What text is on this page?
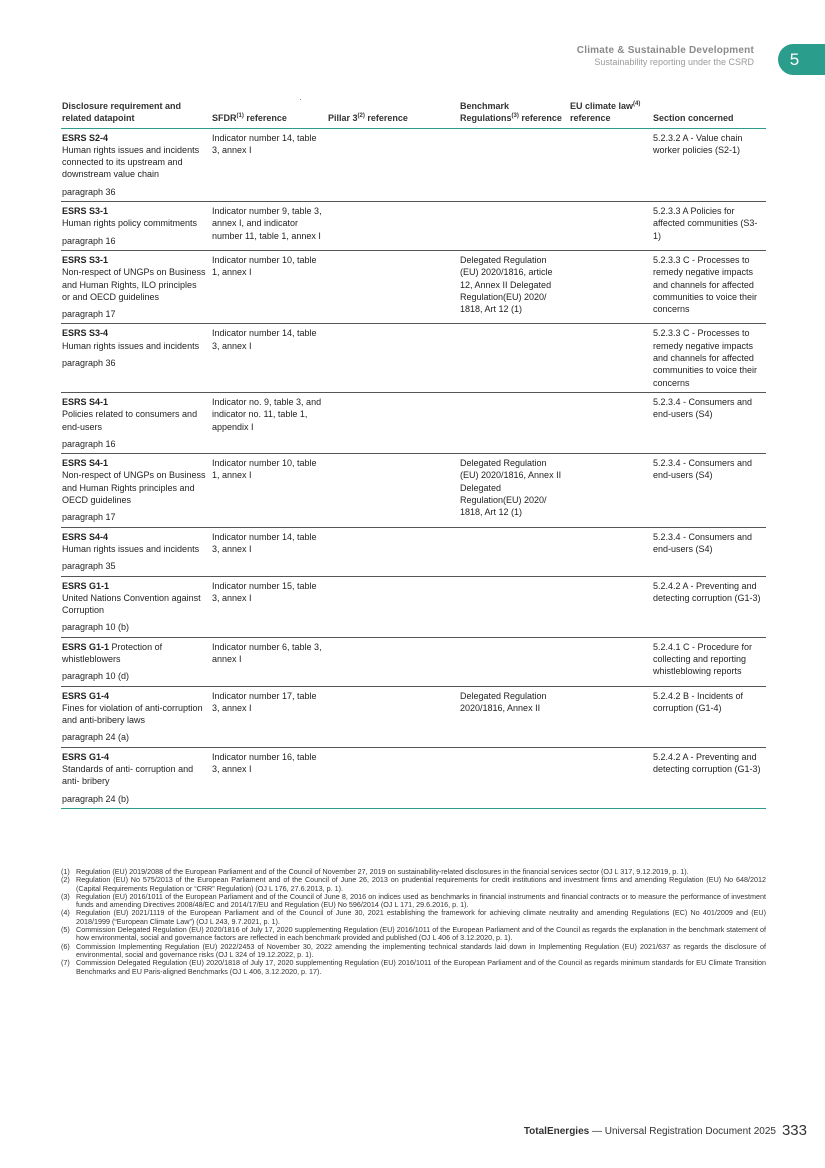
Climate & Sustainable Development
Sustainability reporting under the CSRD	5
Disclosure requirement and related datapoint	SFDR$^{(1)}$ reference	Pillar 3$^{(2)}$ reference	Benchmark Regulations$^{(3)}$ reference	EU climate law$^{(4)}$ reference	Section concerned
ESRS S2-4
Human rights issues and incidents connected to its upstream and downstream value chain
paragraph 36	Indicator number 14, table 3, annex I				5.2.3.2 A - Value chain worker policies (S2-1)
ESRS S3-1
Human rights policy commitments
paragraph 16	Indicator number 9, table 3, annex I, and indicator number 11, table 1, annex I				5.2.3.3 A Policies for affected communities (S3-1)
ESRS S3-1
Non-respect of UNGPs on Business and Human Rights, ILO principles or and OECD guidelines
paragraph 17	Indicator number 10, table 1, annex I		Delegated Regulation (EU) 2020/1816, article 12, Annex II Delegated Regulation(EU) 2020/ 1818, Art 12 (1)		5.2.3.3 C - Processes to remedy negative impacts and channels for affected communities to voice their concerns
ESRS S3-4
Human rights issues and incidents
paragraph 36	Indicator number 14, table 3, annex I				5.2.3.3 C - Processes to remedy negative impacts and channels for affected communities to voice their concerns
ESRS S4-1
Policies related to consumers and end-users
paragraph 16	Indicator no. 9, table 3, and indicator no. 11, table 1, appendix I				5.2.3.4 - Consumers and end-users (S4)
ESRS S4-1
Non-respect of UNGPs on Business and Human Rights principles and OECD guidelines
paragraph 17	Indicator number 10, table 1, annex I		Delegated Regulation (EU) 2020/1816, Annex II Delegated Regulation(EU) 2020/ 1818, Art 12 (1)		5.2.3.4 - Consumers and end-users (S4)
ESRS S4-4
Human rights issues and incidents
paragraph 35	Indicator number 14, table 3, annex I				5.2.3.4 - Consumers and end-users (S4)
ESRS G1-1
United Nations Convention against Corruption
paragraph 10 (b)	Indicator number 15, table 3, annex I				5.2.4.2 A - Preventing and detecting corruption (G1-3)
ESRS G1-1 Protection of whistleblowers
paragraph 10 (d)	Indicator number 6, table 3, annex I				5.2.4.1 C - Procedure for collecting and reporting whistleblowing reports
ESRS G1-4
Fines for violation of anti-corruption and anti-bribery laws
paragraph 24 (a)	Indicator number 17, table 3, annex I		Delegated Regulation 2020/1816, Annex II		5.2.4.2 B - Incidents of corruption (G1-4)
ESRS G1-4
Standards of anti- corruption and anti- bribery
paragraph 24 (b)	Indicator number 16, table 3, annex I				5.2.4.2 A - Preventing and detecting corruption (G1-3)
(1) Regulation (EU) 2019/2088 of the European Parliament and of the Council of November 27, 2019 on sustainability-related disclosures in the financial services sector (OJ L 317, 9.12.2019, p. 1).
(2) Regulation (EU) No 575/2013 of the European Parliament and of the Council of June 26, 2013 on prudential requirements for credit institutions and investment firms and amending Regulation (EU) No 648/2012 (Capital Requirements Regulation or “CRR” Regulation) (OJ L 176, 27.6.2013, p. 1).
(3) Regulation (EU) 2016/1011 of the European Parliament and of the Council of June 8, 2016 on indices used as benchmarks in financial instruments and financial contracts or to measure the performance of investment funds and amending Directives 2008/48/EC and 2014/17/EU and Regulation (EU) No 596/2014 (OJ L 171, 29.6.2016, p. 1).
(4) Regulation (EU) 2021/1119 of the European Parliament and of the Council of June 30, 2021 establishing the framework for achieving climate neutrality and amending Regulations (EC) No 401/2009 and (EU) 2018/1999 (“European Climate Law”) (OJ L 243, 9.7.2021, p. 1).
(5) Commission Delegated Regulation (EU) 2020/1816 of July 17, 2020 supplementing Regulation (EU) 2016/1011 of the European Parliament and of the Council as regards the explanation in the benchmark statement of how environmental, social and governance factors are reflected in each benchmark provided and published (OJ L 406 of 3.12.2020, p. 1).
(6) Commission Implementing Regulation (EU) 2022/2453 of November 30, 2022 amending the implementing technical standards laid down in Implementing Regulation (EU) 2021/637 as regards the disclosure of environmental, social and governance risks (OJ L 324 of 19.12.2022, p. 1).
(7) Commission Delegated Regulation (EU) 2020/1818 of July 17, 2020 supplementing Regulation (EU) 2016/1011 of the European Parliament and of the Council as regards minimum standards for EU Climate Transition Benchmarks and EU Paris-aligned Benchmarks (OJ L 406, 3.12.2020, p. 17).
TotalEnergies — Universal Registration Document 2025 333
